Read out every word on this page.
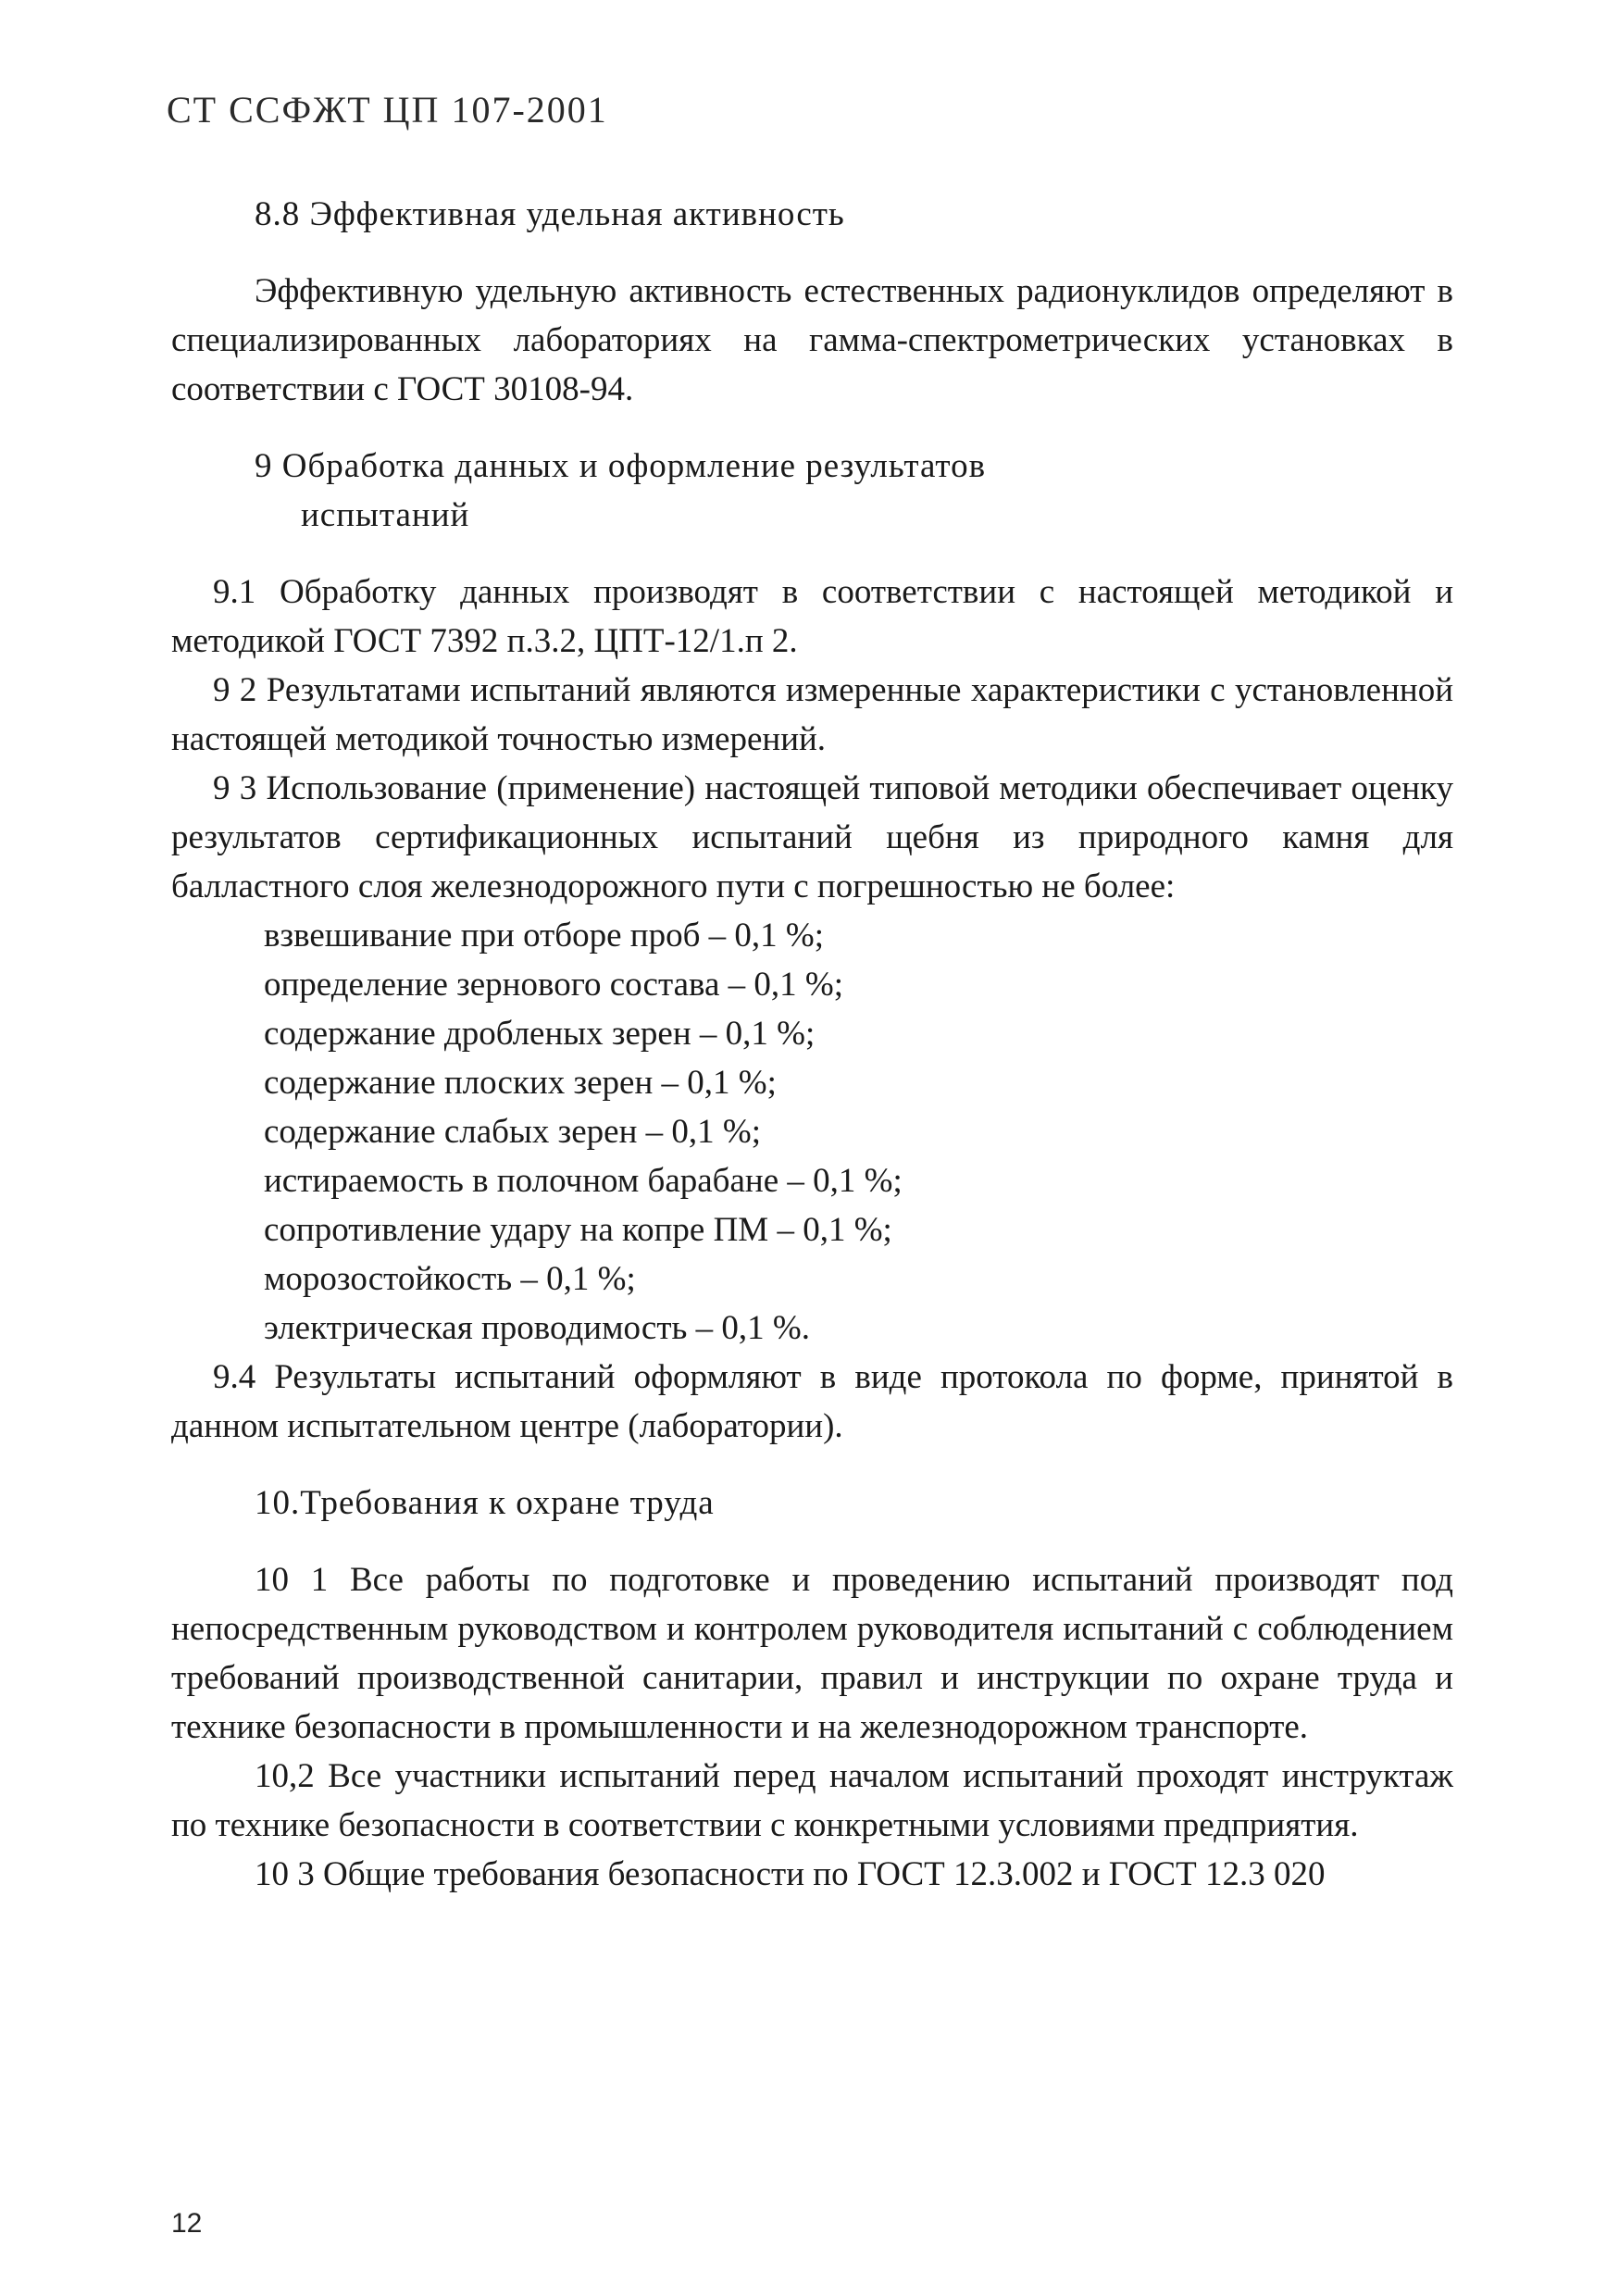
СТ ССФЖТ ЦП 107-2001

8.8 Эффективная удельная активность

Эффективную удельную активность естественных радионуклидов определяют в специализированных лабораториях на гамма-спектрометрических установках в соответствии с ГОСТ 30108-94.

9 Обработка данных и оформление результатов
испытаний

9.1 Обработку данных производят в соответствии с настоящей методикой и методикой ГОСТ 7392 п.3.2, ЦПТ-12/1.п 2.

9 2 Результатами испытаний являются измеренные характеристики с установленной настоящей методикой точностью измерений.

9 3 Использование (применение) настоящей типовой методики обеспечивает оценку результатов сертификационных испытаний щебня из природного камня для балластного слоя железнодорожного пути с погрешностью не более:

взвешивание при отборе проб – 0,1 %;
определение зернового состава – 0,1 %;
содержание дробленых зерен – 0,1 %;
содержание плоских зерен – 0,1 %;
содержание слабых зерен – 0,1 %;
истираемость в полочном барабане – 0,1 %;
сопротивление удару на копре ПМ – 0,1 %;
морозостойкость – 0,1 %;
электрическая проводимость – 0,1 %.

9.4 Результаты испытаний оформляют в виде протокола по форме, принятой в данном испытательном центре (лаборатории).

10.Требования к охране труда

10 1 Все работы по подготовке и проведению испытаний производят под непосредственным руководством и контролем руководителя испытаний с соблюдением требований производственной санитарии, правил и инструкции по охране труда и технике безопасности в промышленности и на железнодорожном транспорте.

10,2 Все участники испытаний перед началом испытаний проходят инструктаж по технике безопасности в соответствии с конкретными условиями предприятия.

10 3 Общие требования безопасности по ГОСТ 12.3.002 и ГОСТ 12.3 020

12
